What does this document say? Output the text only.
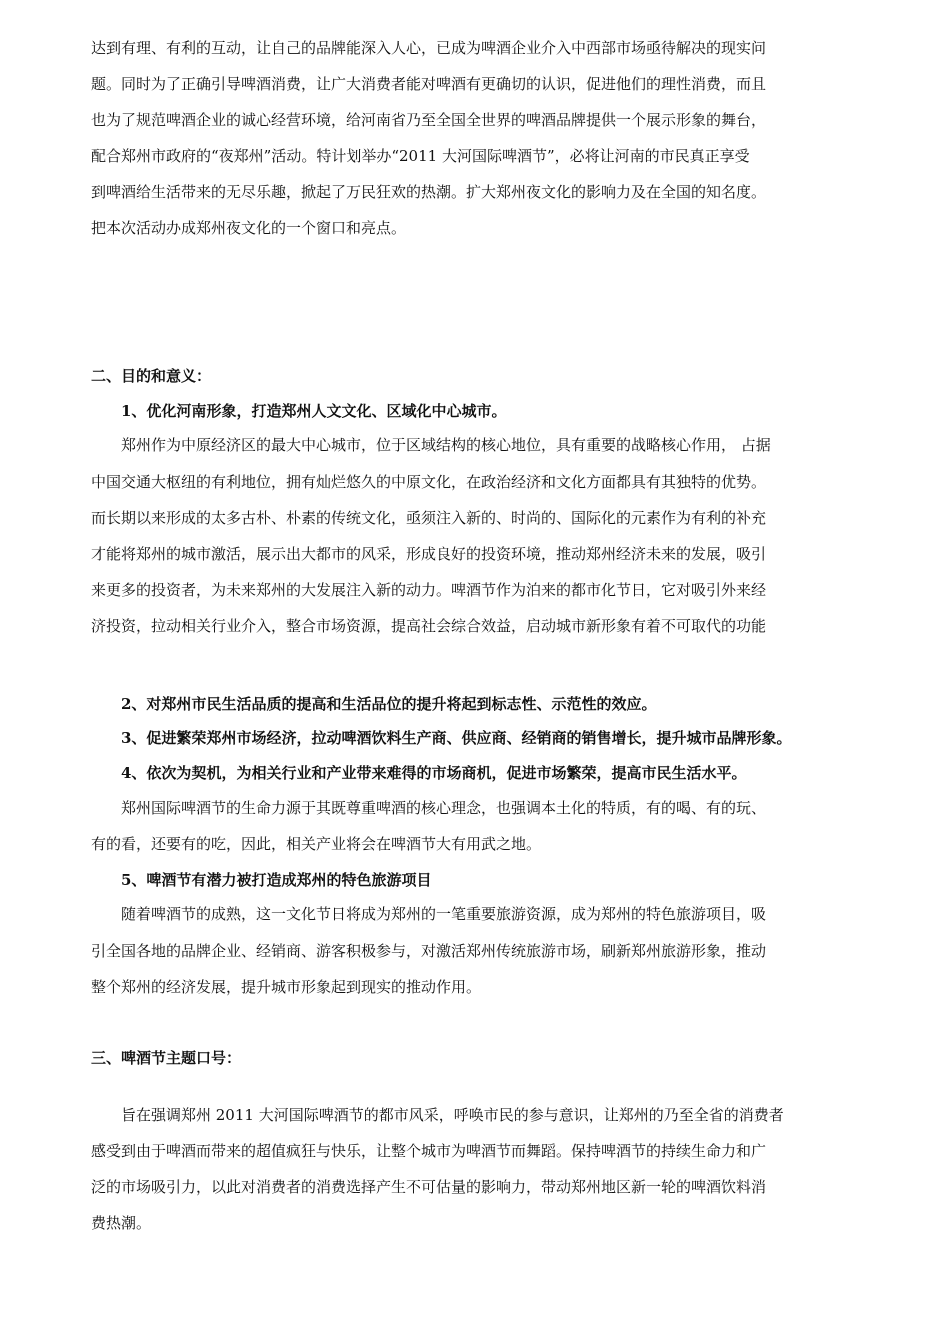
达到有理、有利的互动，让自己的品牌能深入人心，已成为啤酒企业介入中西部市场亟待解决的现实问
题。同时为了正确引导啤酒消费，让广大消费者能对啤酒有更确切的认识，促进他们的理性消费，而且
也为了规范啤酒企业的诚心经营环境，给河南省乃至全国全世界的啤酒品牌提供一个展示形象的舞台，
配合郑州市政府的“夜郑州”活动。特计划举办“2011 大河国际啤酒节”，必将让河南的市民真正享受
到啤酒给生活带来的无尽乐趣，掀起了万民狂欢的热潮。扩大郑州夜文化的影响力及在全国的知名度。
把本次活动办成郑州夜文化的一个窗口和亮点。
二、目的和意义：
1、优化河南形象，打造郑州人文文化、区域化中心城市。
郑州作为中原经济区的最大中心城市，位于区域结构的核心地位，具有重要的战略核心作用， 占据
中国交通大枢纽的有利地位，拥有灿烂悠久的中原文化，在政治经济和文化方面都具有其独特的优势。
而长期以来形成的太多古朴、朴素的传统文化，亟须注入新的、时尚的、国际化的元素作为有利的补充
才能将郑州的城市激活，展示出大都市的风采，形成良好的投资环境，推动郑州经济未来的发展，吸引
来更多的投资者，为未来郑州的大发展注入新的动力。啤酒节作为泊来的都市化节日，它对吸引外来经
济投资，拉动相关行业介入，整合市场资源，提高社会综合效益，启动城市新形象有着不可取代的功能
2、对郑州市民生活品质的提高和生活品位的提升将起到标志性、示范性的效应。
3、促进繁荣郑州市场经济，拉动啤酒饮料生产商、供应商、经销商的销售增长，提升城市品牌形象。
4、依次为契机，为相关行业和产业带来难得的市场商机，促进市场繁荣，提高市民生活水平。
郑州国际啤酒节的生命力源于其既尊重啤酒的核心理念，也强调本土化的特质，有的喝、有的玩、
有的看，还要有的吃，因此，相关产业将会在啤酒节大有用武之地。
5、啤酒节有潜力被打造成郑州的特色旅游项目
随着啤酒节的成熟，这一文化节日将成为郑州的一笔重要旅游资源，成为郑州的特色旅游项目，吸
引全国各地的品牌企业、经销商、游客积极参与，对激活郑州传统旅游市场，刷新郑州旅游形象，推动
整个郑州的经济发展，提升城市形象起到现实的推动作用。
三、啤酒节主题口号：
旨在强调郑州 2011 大河国际啤酒节的都市风采，呼唤市民的参与意识，让郑州的乃至全省的消费者
感受到由于啤酒而带来的超值疯狂与快乐，让整个城市为啤酒节而舞蹈。保持啤酒节的持续生命力和广
泛的市场吸引力，以此对消费者的消费选择产生不可估量的影响力，带动郑州地区新一轮的啤酒饮料消
费热潮。
